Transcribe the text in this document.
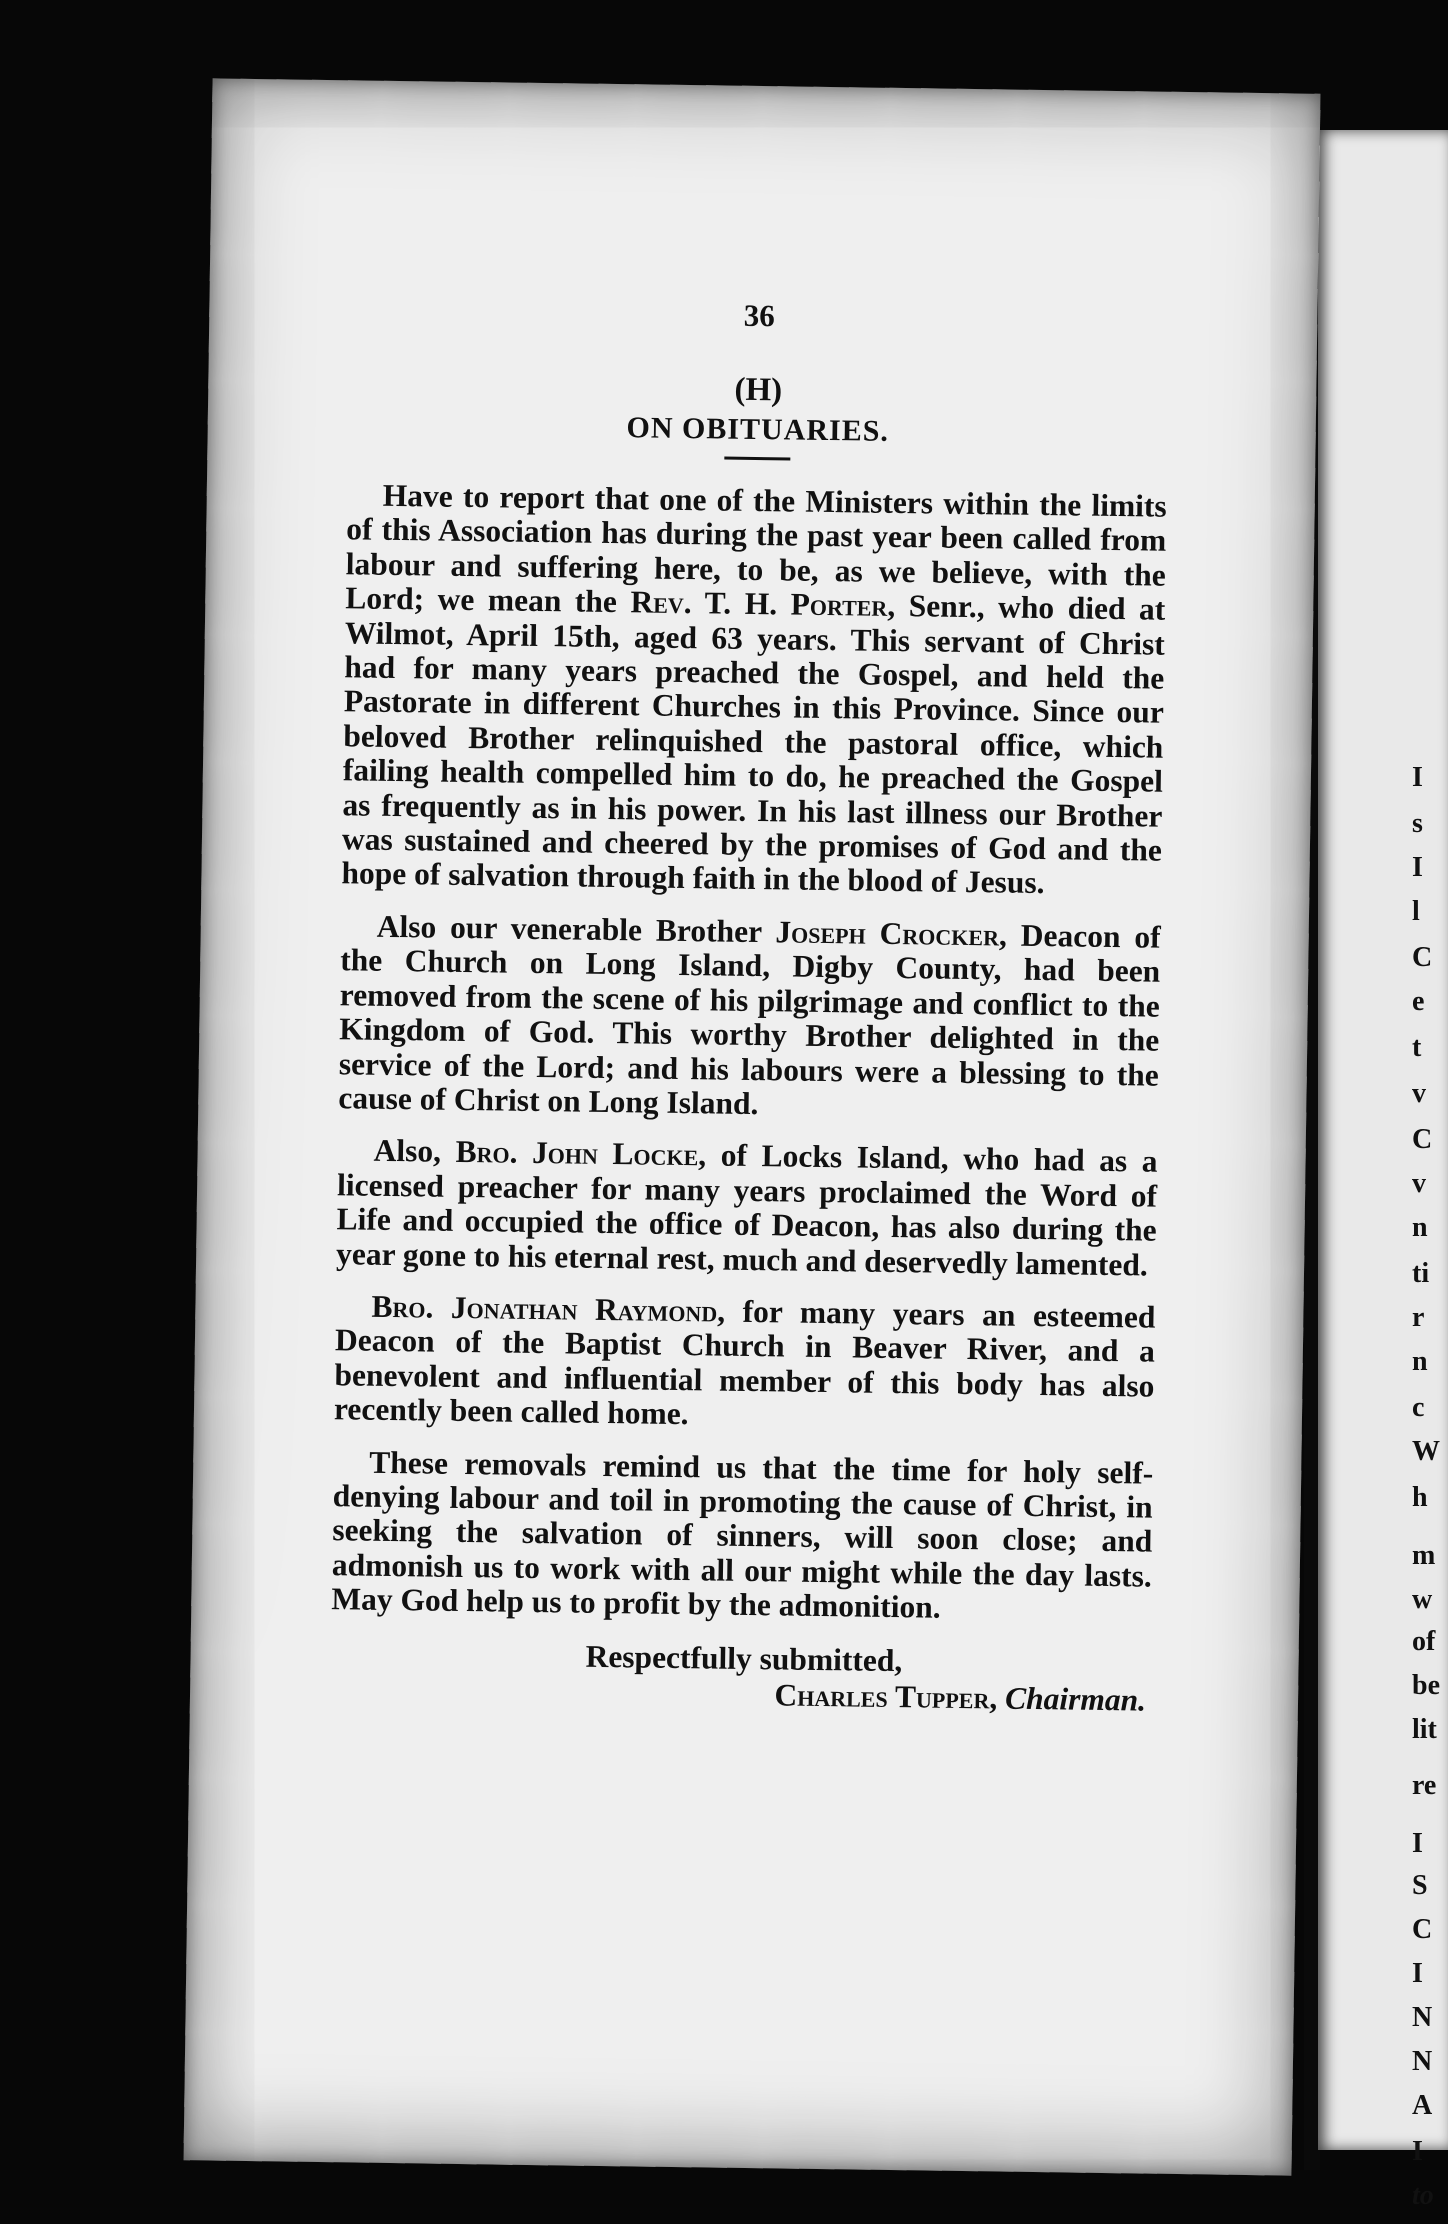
36
(H)
ON OBITUARIES.

Have to report that one of the Ministers within the limits of this Association has during the past year been called from labour and suffering here, to be, as we believe, with the Lord; we mean the Rev. T. H. Porter, Senr., who died at Wilmot, April 15th, aged 63 years. This servant of Christ had for many years preached the Gospel, and held the Pastorate in different Churches in this Province. Since our beloved Brother relinquished the pastoral office, which failing health compelled him to do, he preached the Gospel as frequently as in his power. In his last illness our Brother was sustained and cheered by the promises of God and the hope of salvation through faith in the blood of Jesus.

Also our venerable Brother Joseph Crocker, Deacon of the Church on Long Island, Digby County, had been removed from the scene of his pilgrimage and conflict to the Kingdom of God. This worthy Brother delighted in the service of the Lord; and his labours were a blessing to the cause of Christ on Long Island.

Also, Bro. John Locke, of Locks Island, who had as a licensed preacher for many years proclaimed the Word of Life and occupied the office of Deacon, has also during the year gone to his eternal rest, much and deservedly lamented.

Bro. Jonathan Raymond, for many years an esteemed Deacon of the Baptist Church in Beaver River, and a benevolent and influential member of this body has also recently been called home.

These removals remind us that the time for holy self-denying labour and toil in promoting the cause of Christ, in seeking the salvation of sinners, will soon close; and admonish us to work with all our might while the day lasts. May God help us to profit by the admonition.

Respectfully submitted,

Charles Tupper, Chairman.

I
s
I
l
C
e
t
v
C
v
n
ti
r
n
c
W
h
m
w
of
be
lit
re
I
S
C
I
N
N
A
I
to
